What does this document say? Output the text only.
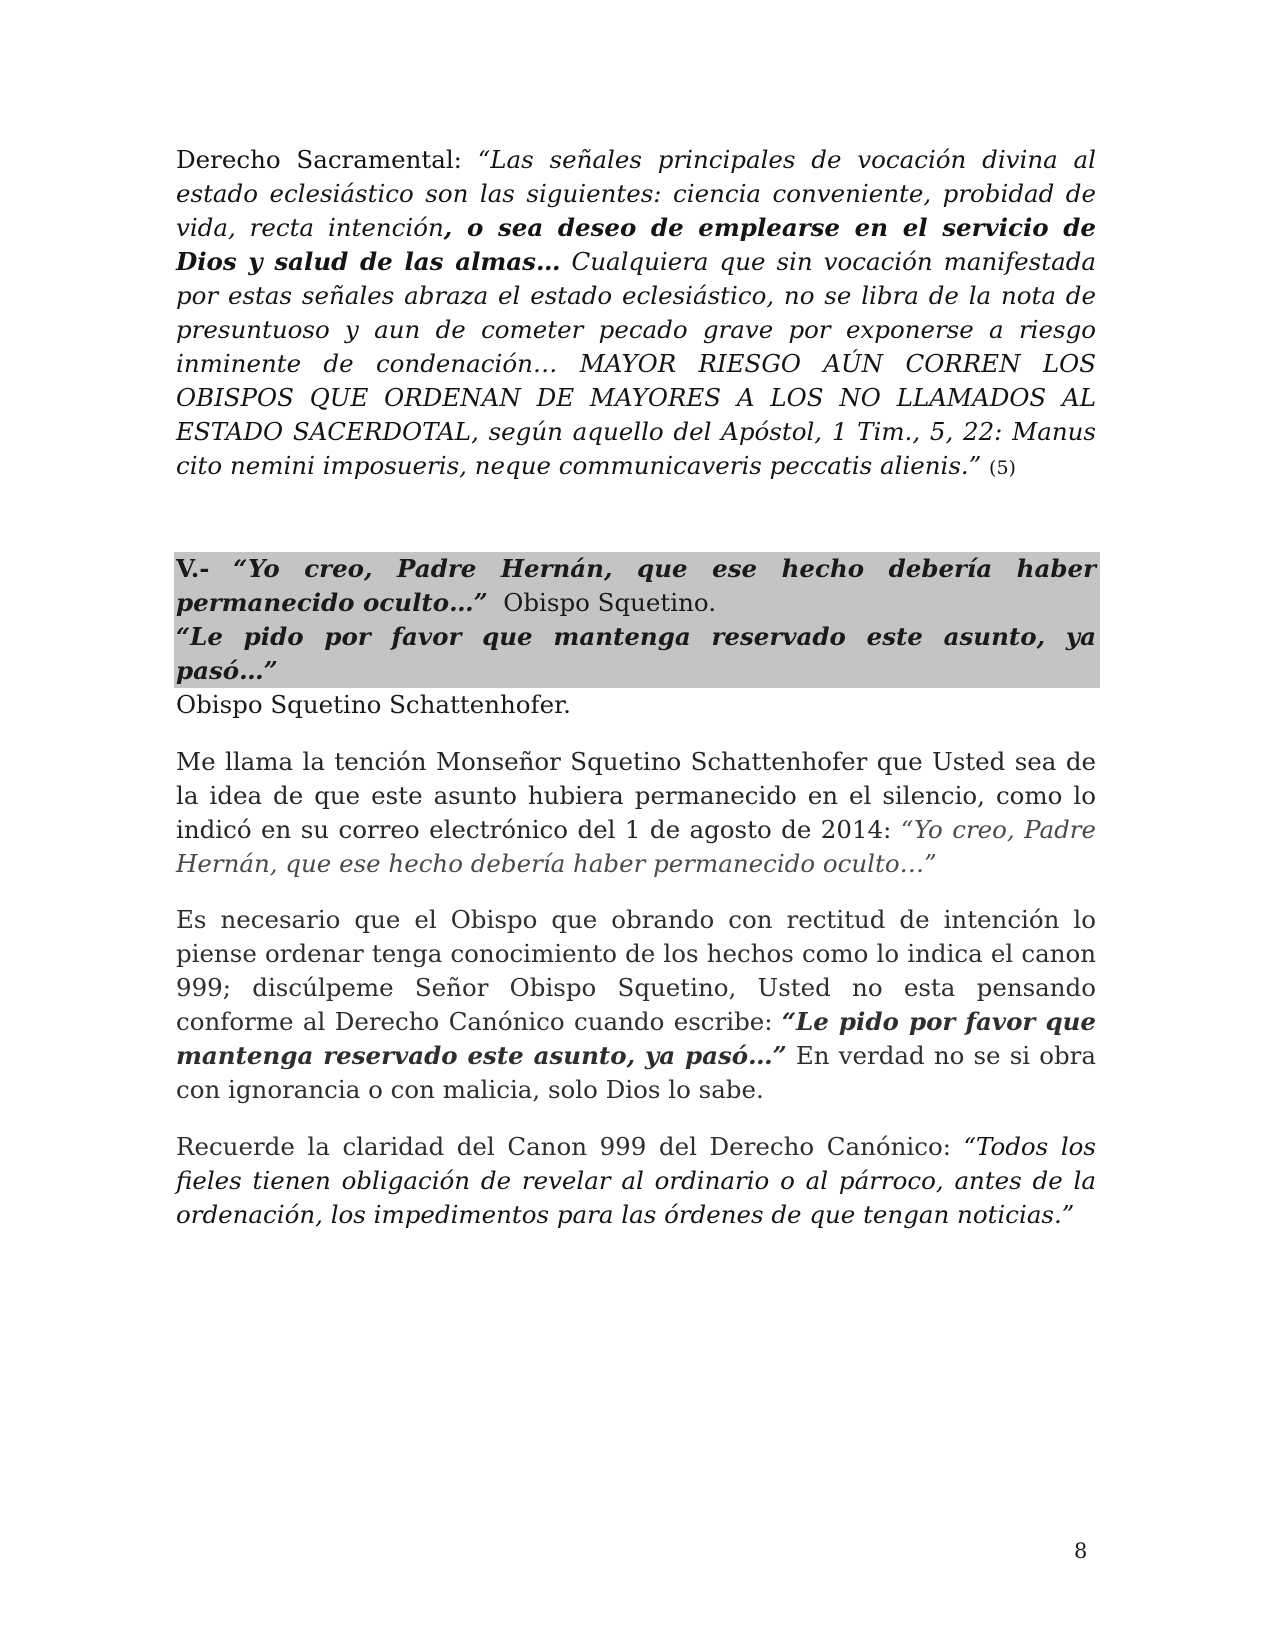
Derecho Sacramental: “Las señales principales de vocación divina al estado eclesiástico son las siguientes: ciencia conveniente, probidad de vida, recta intención, o sea deseo de emplearse en el servicio de Dios y salud de las almas… Cualquiera que sin vocación manifestada por estas señales abraza el estado eclesiástico, no se libra de la nota de presuntuoso y aun de cometer pecado grave por exponerse a riesgo inminente de condenación… MAYOR RIESGO AÚN CORREN LOS OBISPOS QUE ORDENAN DE MAYORES A LOS NO LLAMADOS AL ESTADO SACERDOTAL, según aquello del Apóstol, 1 Tim., 5, 22: Manus cito nemini imposueris, neque communicaveris peccatis alienis.” (5)

V.- “Yo creo, Padre Hernán, que ese hecho debería haber permanecido oculto…” Obispo Squetino.
“Le pido por favor que mantenga reservado este asunto, ya pasó…”
Obispo Squetino Schattenhofer.

Me llama la tención Monseñor Squetino Schattenhofer que Usted sea de la idea de que este asunto hubiera permanecido en el silencio, como lo indicó en su correo electrónico del 1 de agosto de 2014: “Yo creo, Padre Hernán, que ese hecho debería haber permanecido oculto…”

Es necesario que el Obispo que obrando con rectitud de intención lo piense ordenar tenga conocimiento de los hechos como lo indica el canon 999; discúlpeme Señor Obispo Squetino, Usted no esta pensando conforme al Derecho Canónico cuando escribe: “Le pido por favor que mantenga reservado este asunto, ya pasó…” En verdad no se si obra con ignorancia o con malicia, solo Dios lo sabe.

Recuerde la claridad del Canon 999 del Derecho Canónico: “Todos los fieles tienen obligación de revelar al ordinario o al párroco, antes de la ordenación, los impedimentos para las órdenes de que tengan noticias.”

8
